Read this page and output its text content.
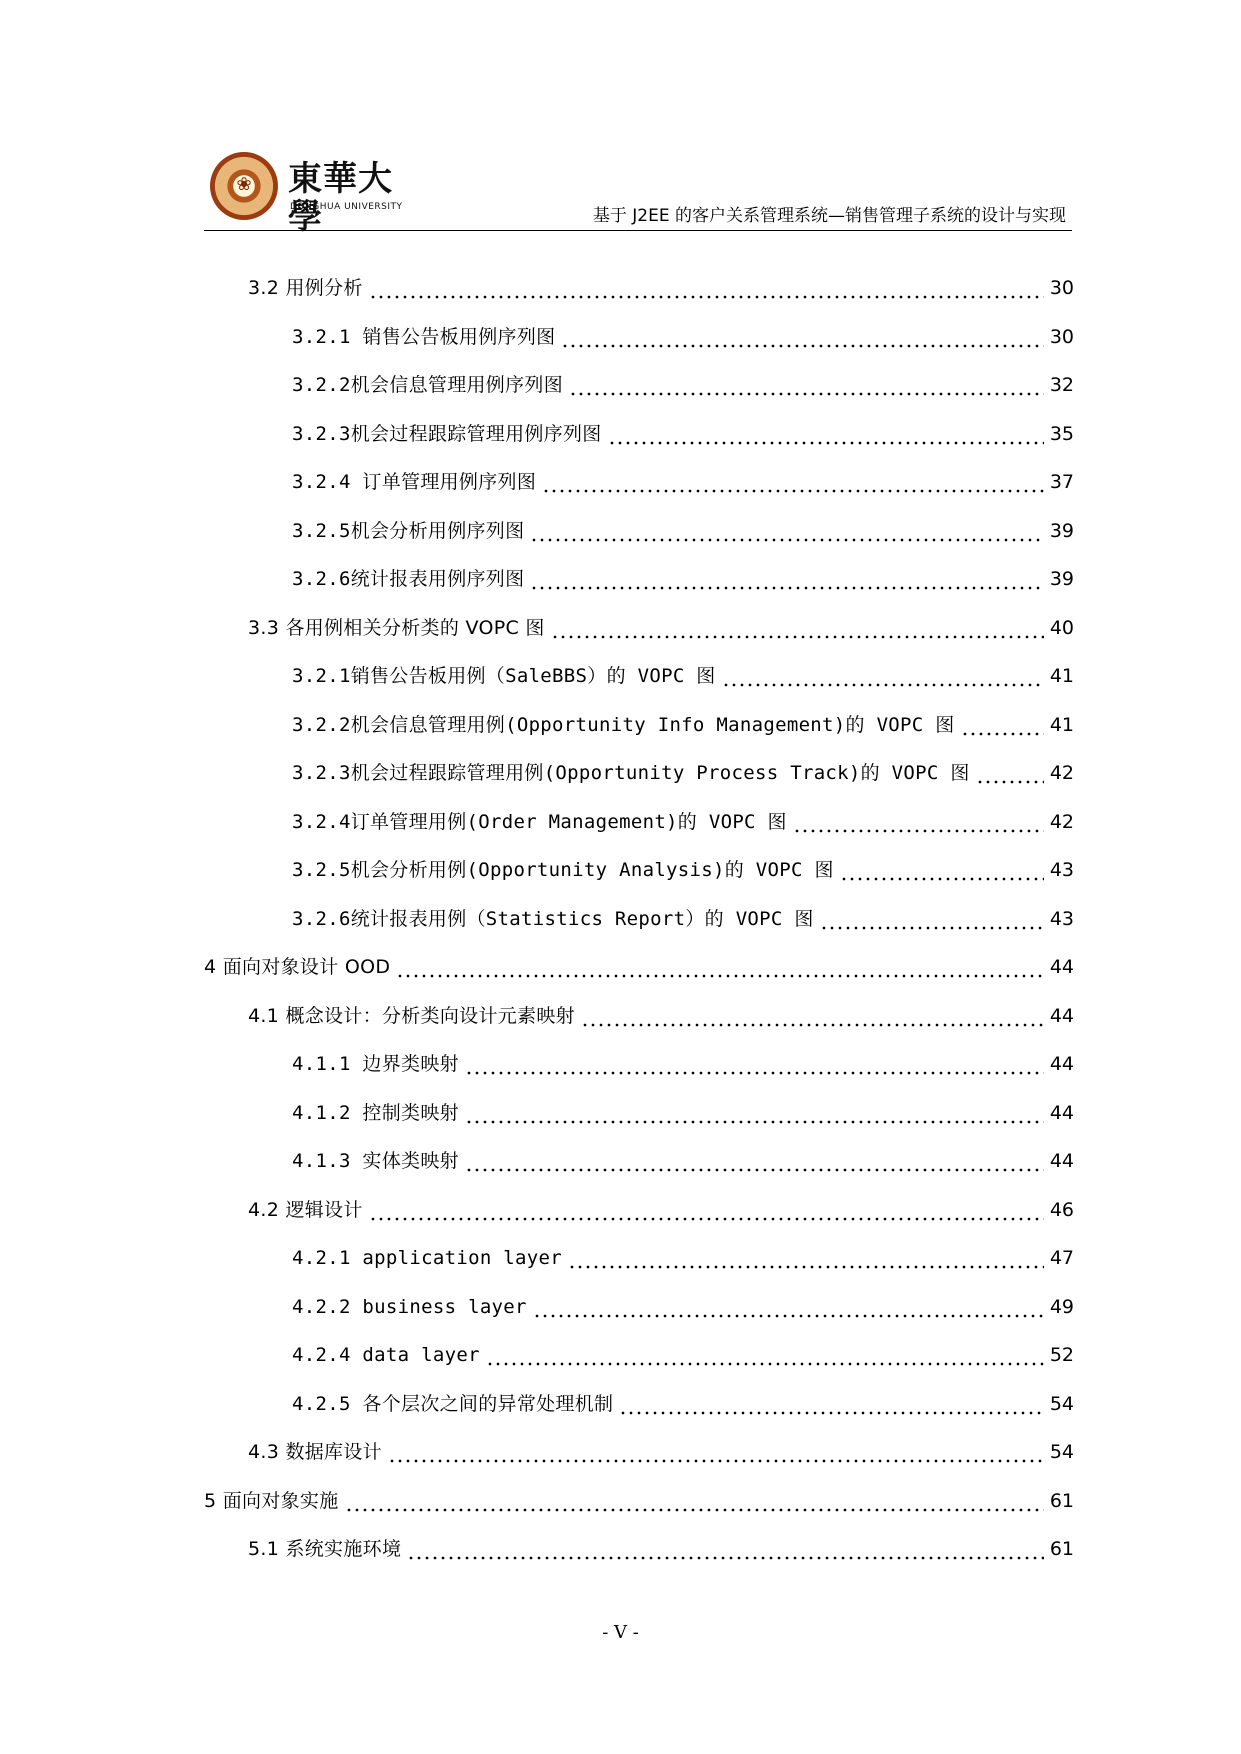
❀ 東華大學
DONGHUA UNIVERSITY	基于 J2EE 的客户关系管理系统—销售管理子系统的设计与实现
3.2 用例分析	30
3.2.1 销售公告板用例序列图	30
3.2.2机会信息管理用例序列图	32
3.2.3机会过程跟踪管理用例序列图	35
3.2.4 订单管理用例序列图	37
3.2.5机会分析用例序列图	39
3.2.6统计报表用例序列图	39
3.3 各用例相关分析类的 VOPC 图	40
3.2.1销售公告板用例（SaleBBS）的 VOPC 图	41
3.2.2机会信息管理用例(Opportunity Info Management)的 VOPC 图	41
3.2.3机会过程跟踪管理用例(Opportunity Process Track)的 VOPC 图	42
3.2.4订单管理用例(Order Management)的 VOPC 图	42
3.2.5机会分析用例(Opportunity Analysis)的 VOPC 图	43
3.2.6统计报表用例（Statistics Report）的 VOPC 图	43
4 面向对象设计 OOD	44
4.1 概念设计：分析类向设计元素映射	44
4.1.1 边界类映射	44
4.1.2 控制类映射	44
4.1.3 实体类映射	44
4.2 逻辑设计	46
4.2.1 application layer	47
4.2.2 business layer	49
4.2.4 data layer	52
4.2.5 各个层次之间的异常处理机制	54
4.3 数据库设计	54
5 面向对象实施	61
5.1 系统实施环境	61
- V -
